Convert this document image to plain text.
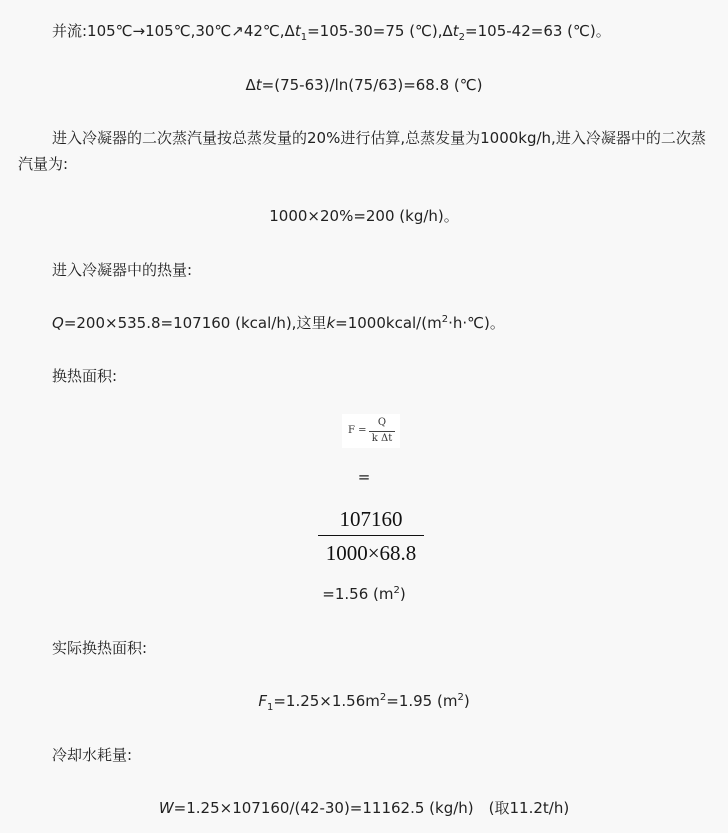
并流$:105℃\to 105℃,30℃↗42℃,\Delta t_1=105-30=75$ $(℃),\Delta t_2=105-42=63$ (℃)。
Δt=(75-63)/ln(75/63)=68.8 (℃)
进入冷凝器的二次蒸汽量按总蒸发量的20%进行估算,总蒸发量为1000kg/h,进入冷凝器中的二次蒸汽量为:
1000×20%=200 (kg/h)。
进入冷凝器中的热量:
Q=200×535.8=107160 (kcal/h),这里$k=1000kcal/(m^2\cdot h\cdot℃)$。
换热面积:
F =
Q
k Δt
=
107160
1000×68.8
=1.56 $(m^2)$
实际换热面积:
$F_1=1.25\times 1.56m^2=1.95$ $(m^2)$
冷却水耗量:
W=1.25×107160/(42-30)=11162.5 (kg/h)　(取11.2t/h)
